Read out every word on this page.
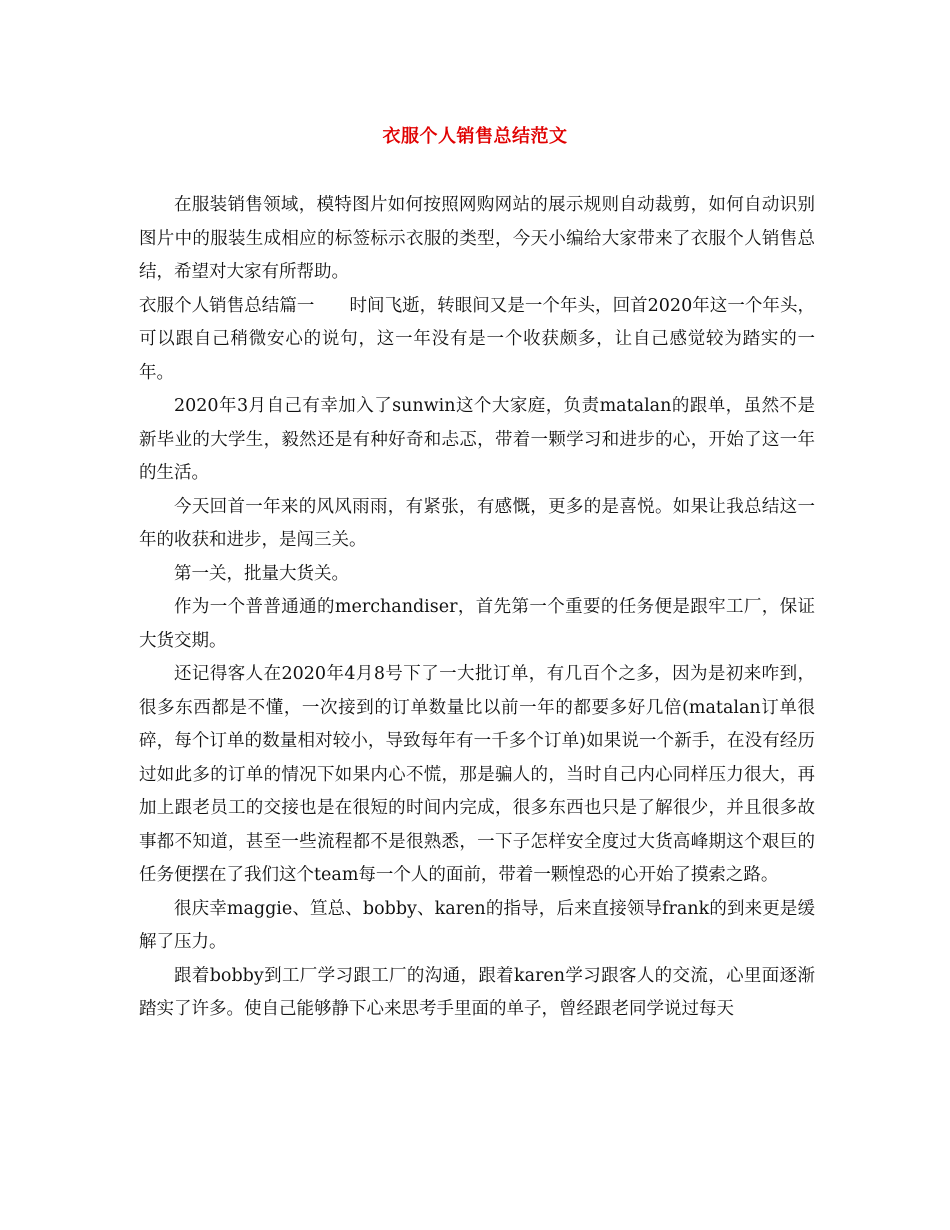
衣服个人销售总结范文

在服装销售领域，模特图片如何按照网购网站的展示规则自动裁剪，如何自动识别图片中的服装生成相应的标签标示衣服的类型，今天小编给大家带来了衣服个人销售总结，希望对大家有所帮助。

衣服个人销售总结篇一　　时间飞逝，转眼间又是一个年头，回首2020年这一个年头，可以跟自己稍微安心的说句，这一年没有是一个收获颇多，让自己感觉较为踏实的一年。

2020年3月自己有幸加入了sunwin这个大家庭，负责matalan的跟单，虽然不是新毕业的大学生，毅然还是有种好奇和忐忑，带着一颗学习和进步的心，开始了这一年的生活。

今天回首一年来的风风雨雨，有紧张，有感慨，更多的是喜悦。如果让我总结这一年的收获和进步，是闯三关。

第一关，批量大货关。

作为一个普普通通的merchandiser，首先第一个重要的任务便是跟牢工厂，保证大货交期。

还记得客人在2020年4月8号下了一大批订单，有几百个之多，因为是初来咋到，很多东西都是不懂，一次接到的订单数量比以前一年的都要多好几倍(matalan订单很碎，每个订单的数量相对较小，导致每年有一千多个订单)如果说一个新手，在没有经历过如此多的订单的情况下如果内心不慌，那是骗人的，当时自己内心同样压力很大，再加上跟老员工的交接也是在很短的时间内完成，很多东西也只是了解很少，并且很多故事都不知道，甚至一些流程都不是很熟悉，一下子怎样安全度过大货高峰期这个艰巨的任务便摆在了我们这个team每一个人的面前，带着一颗惶恐的心开始了摸索之路。

很庆幸maggie、笪总、bobby、karen的指导，后来直接领导frank的到来更是缓解了压力。

跟着bobby到工厂学习跟工厂的沟通，跟着karen学习跟客人的交流，心里面逐渐踏实了许多。使自己能够静下心来思考手里面的单子，曾经跟老同学说过每天
